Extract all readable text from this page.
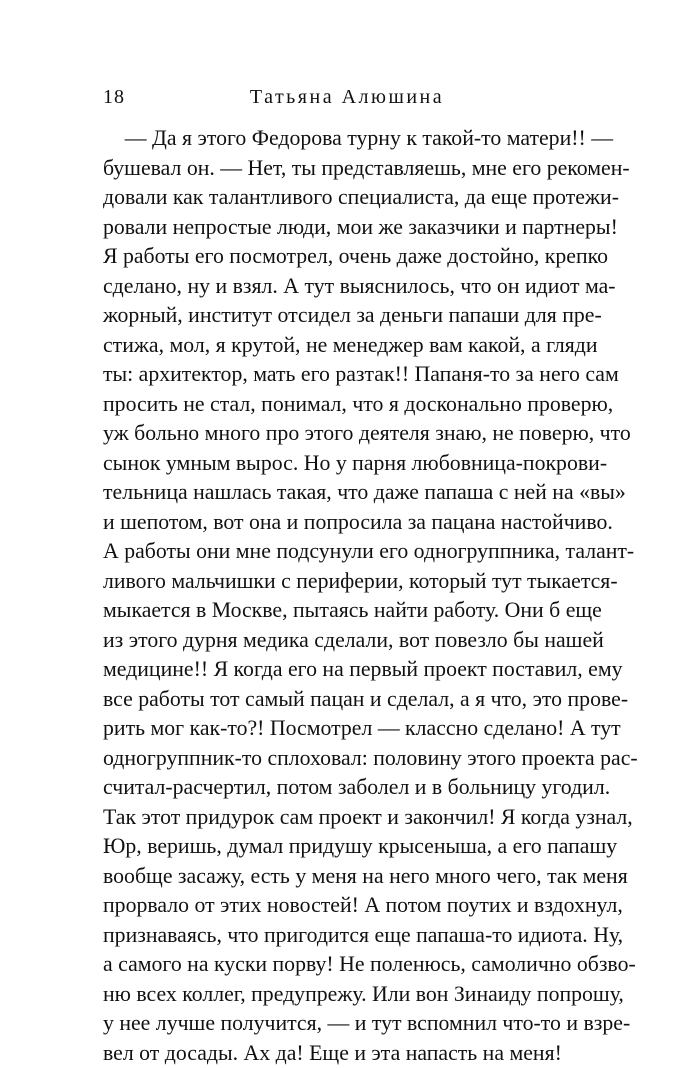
18	Татьяна Алюшина
— Да я этого Федорова турну к такой-то матери!! —
бушевал он. — Нет, ты представляешь, мне его рекомен-
довали как талантливого специалиста, да еще протежи-
ровали непростые люди, мои же заказчики и партнеры!
Я работы его посмотрел, очень даже достойно, крепко
сделано, ну и взял. А тут выяснилось, что он идиот ма-
жорный, институт отсидел за деньги папаши для пре-
стижа, мол, я крутой, не менеджер вам какой, а гляди
ты: архитектор, мать его разтак!! Папаня-то за него сам
просить не стал, понимал, что я досконально проверю,
уж больно много про этого деятеля знаю, не поверю, что
сынок умным вырос. Но у парня любовница-покрови-
тельница нашлась такая, что даже папаша с ней на «вы»
и шепотом, вот она и попросила за пацана настойчиво.
А работы они мне подсунули его одногруппника, талант-
ливого мальчишки с периферии, который тут тыкается-
мыкается в Москве, пытаясь найти работу. Они б еще
из этого дурня медика сделали, вот повезло бы нашей
медицине!! Я когда его на первый проект поставил, ему
все работы тот самый пацан и сделал, а я что, это прове-
рить мог как-то?! Посмотрел — классно сделано! А тут
одногруппник-то сплоховал: половину этого проекта рас-
считал-расчертил, потом заболел и в больницу угодил.
Так этот придурок сам проект и закончил! Я когда узнал,
Юр, веришь, думал придушу крысеныша, а его папашу
вообще засажу, есть у меня на него много чего, так меня
прорвало от этих новостей! А потом поутих и вздохнул,
признаваясь, что пригодится еще папаша-то идиота. Ну,
а самого на куски порву! Не поленюсь, самолично обзво-
ню всех коллег, предупрежу. Или вон Зинаиду попрошу,
у нее лучше получится, — и тут вспомнил что-то и взре-
вел от досады. Ах да! Еще и эта напасть на меня!
